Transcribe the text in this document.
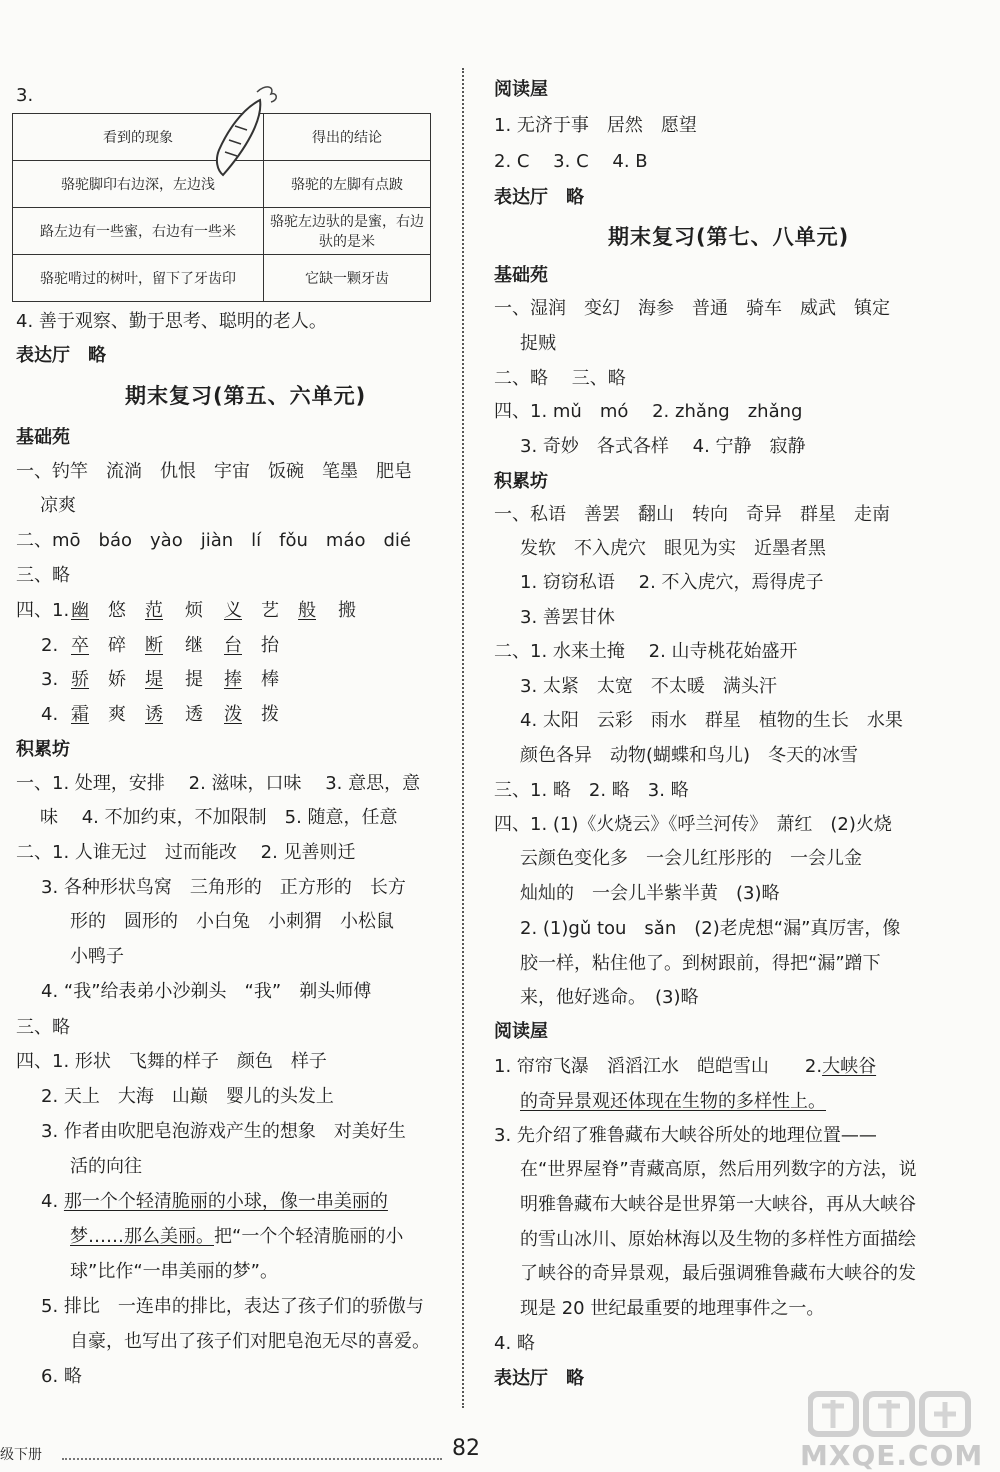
3.
看到的现象	得出的结论
骆驼脚印右边深，左边浅	骆驼的左脚有点跛
路左边有一些蜜，右边有一些米	骆驼左边驮的是蜜，右边驮的是米
骆驼啃过的树叶，留下了牙齿印	它缺一颗牙齿
4. 善于观察、勤于思考、聪明的老人。
表达厅　略
期末复习(第五、六单元)
基础苑
一、钓竿　流淌　仇恨　宇宙　饭碗　笔墨　肥皂
凉爽
二、mō　báo　yào　jiàn　lí　fǒu　máo　dié
三、略
四、1. 幽 悠 范 烦 义 艺 般 搬
2. 卒 碎 断 继 台 抬
3. 骄 娇 堤 提 捧 棒
4. 霜 爽 诱 透 泼 拨
积累坊
一、1. 处理，安排　 2. 滋味，口味　 3. 意思，意
味　 4. 不加约束，不加限制　5. 随意，任意
二、1. 人谁无过　过而能改　 2. 见善则迁
3. 各种形状鸟窝　三角形的　正方形的　长方
形的　圆形的　小白兔　小刺猬　小松鼠
小鸭子
4. “我”给表弟小沙剃头　“我”　剃头师傅
三、略
四、1. 形状　飞舞的样子　颜色　样子
2. 天上　大海　山巅　婴儿的头发上
3. 作者由吹肥皂泡游戏产生的想象　对美好生
活的向往
4. 那一个个轻清脆丽的小球，像一串美丽的
梦……那么美丽。把“一个个轻清脆丽的小
球”比作“一串美丽的梦”。
5. 排比　一连串的排比，表达了孩子们的骄傲与
自豪，也写出了孩子们对肥皂泡无尽的喜爱。
6. 略
阅读屋
1. 无济于事　居然　愿望
2. C　 3. C　 4. B
表达厅　略
期末复习(第七、八单元)
基础苑
一、湿润　变幻　海参　普通　骑车　威武　镇定
捉贼
二、略　 三、略
四、1. mǔ　mó　 2. zhǎng　zhǎng
3. 奇妙　各式各样　 4. 宁静　寂静
积累坊
一、私语　善罢　翻山　转向　奇异　群星　走南
发软　不入虎穴　眼见为实　近墨者黑
1. 窃窃私语　 2. 不入虎穴，焉得虎子
3. 善罢甘休
二、1. 水来土掩　 2. 山寺桃花始盛开
3. 太紧　太宽　不太暖　满头汗
4. 太阳　云彩　雨水　群星　植物的生长　水果
颜色各异　动物(蝴蝶和鸟儿)　冬天的冰雪
三、1. 略　2. 略　3. 略
四、1. (1)《火烧云》《呼兰河传》　萧红　(2)火烧
云颜色变化多　一会儿红彤彤的　一会儿金
灿灿的　一会儿半紫半黄　(3)略
2. (1)gǔ tou　sǎn　(2)老虎想“漏”真厉害，像
胶一样，粘住他了。到树跟前，得把“漏”蹭下
来，他好逃命。　(3)略
阅读屋
1. 帘帘飞瀑　滔滔江水　皑皑雪山　　2.大峡谷
的奇异景观还体现在生物的多样性上。
3. 先介绍了雅鲁藏布大峡谷所处的地理位置——
在“世界屋脊”青藏高原，然后用列数字的方法，说
明雅鲁藏布大峡谷是世界第一大峡谷，再从大峡谷
的雪山冰川、原始林海以及生物的多样性方面描绘
了峡谷的奇异景观，最后强调雅鲁藏布大峡谷的发
现是 20 世纪最重要的地理事件之一。
4. 略
表达厅　略
级下册	82	MXQE.COM
